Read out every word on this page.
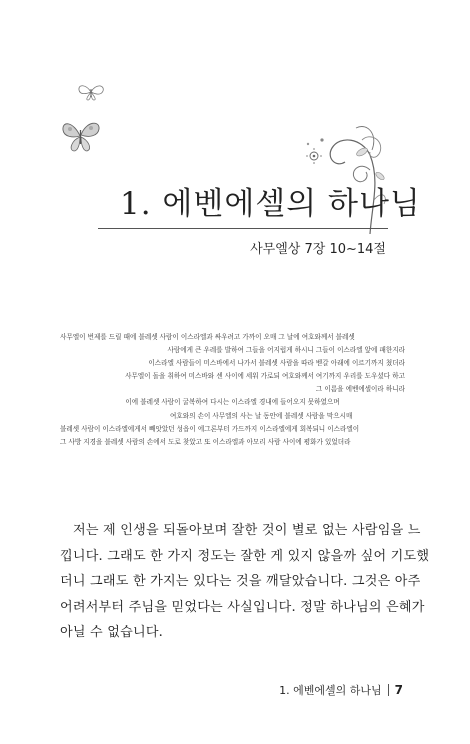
1. 에벤에셀의 하나님
사무엘상 7장 10~14절
사무엘이 번제를 드릴 때에 블레셋 사람이 이스라엘과 싸우려고 가까이 오매 그 날에 여호와께서 블레셋
사람에게 큰 우레를 발하여 그들을 어지럽게 하시니 그들이 이스라엘 앞에 패한지라
이스라엘 사람들이 미스바에서 나가서 블레셋 사람을 따라 벧갈 아래에 이르기까지 쳤더라
사무엘이 돌을 취하여 미스바와 센 사이에 세워 가로되 여호와께서 여기까지 우리를 도우셨다 하고
그 이름을 에벤에셀이라 하니라
이에 블레셋 사람이 굴복하여 다시는 이스라엘 경내에 들어오지 못하였으며
여호와의 손이 사무엘의 사는 날 동안에 블레셋 사람을 막으시매
블레셋 사람이 이스라엘에게서 빼앗았던 성읍이 에그론부터 가드까지 이스라엘에게 회복되니 이스라엘이
그 사방 지경을 블레셋 사람의 손에서 도로 찾았고 또 이스라엘과 아모리 사람 사이에 평화가 있었더라
저는 제 인생을 되돌아보며 잘한 것이 별로 없는 사람임을 느
낍니다. 그래도 한 가지 정도는 잘한 게 있지 않을까 싶어 기도했
더니 그래도 한 가지는 있다는 것을 깨달았습니다. 그것은 아주
어려서부터 주님을 믿었다는 사실입니다. 정말 하나님의 은혜가
아닐 수 없습니다.
1. 에벤에셀의 하나님 7
